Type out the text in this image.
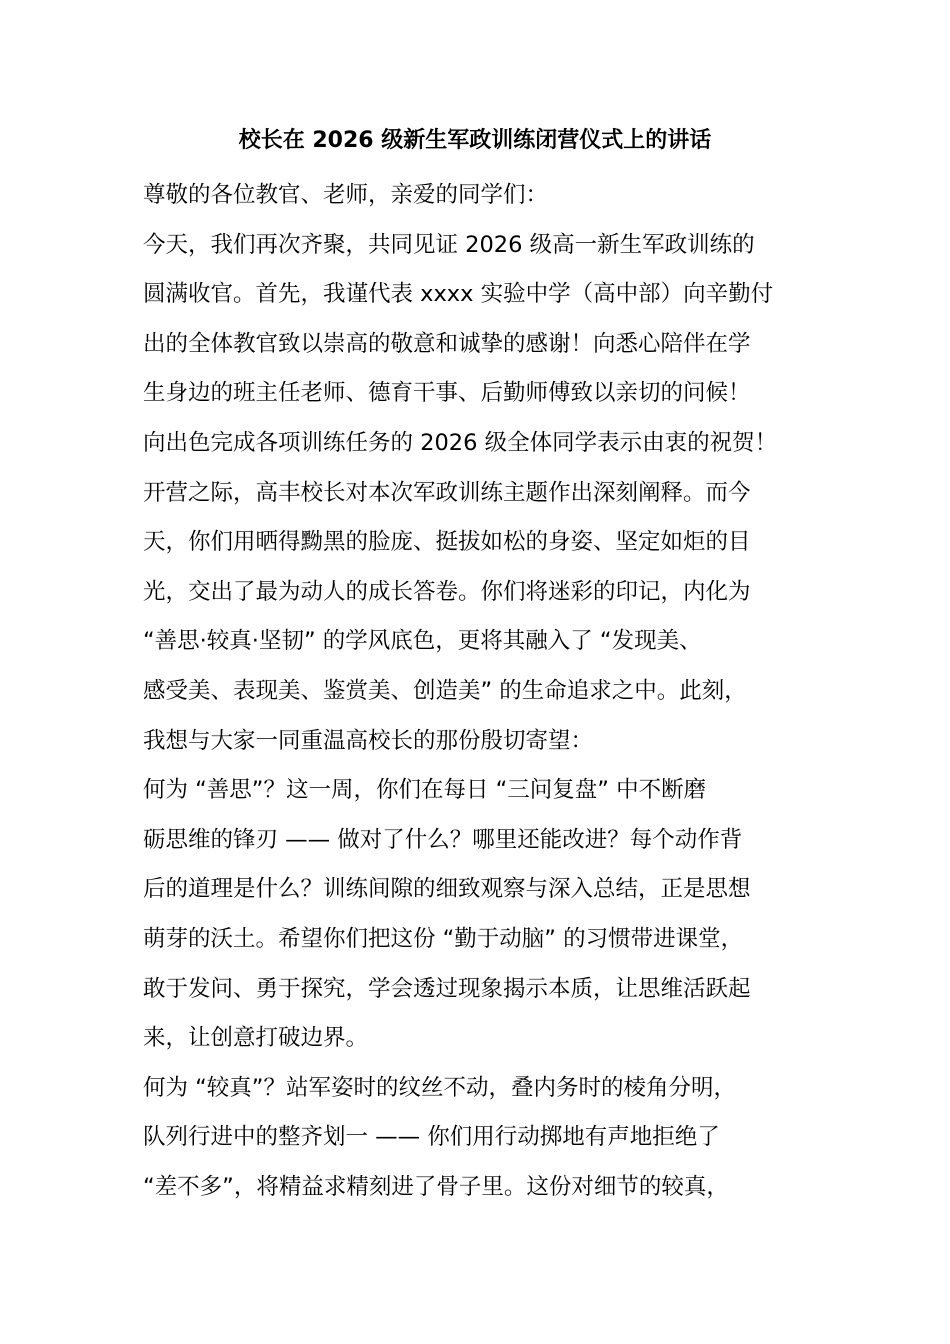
校长在 2026 级新生军政训练闭营仪式上的讲话
尊敬的各位教官、老师，亲爱的同学们：
今天，我们再次齐聚，共同见证 2026 级高一新生军政训练的
圆满收官。首先，我谨代表 xxxx 实验中学（高中部）向辛勤付
出的全体教官致以崇高的敬意和诚挚的感谢！向悉心陪伴在学
生身边的班主任老师、德育干事、后勤师傅致以亲切的问候！
向出色完成各项训练任务的 2026 级全体同学表示由衷的祝贺！
开营之际，高丰校长对本次军政训练主题作出深刻阐释。而今
天，你们用晒得黝黑的脸庞、挺拔如松的身姿、坚定如炬的目
光，交出了最为动人的成长答卷。你们将迷彩的印记，内化为
“善思·较真·坚韧” 的学风底色，更将其融入了 “发现美、
感受美、表现美、鉴赏美、创造美” 的生命追求之中。此刻，
我想与大家一同重温高校长的那份殷切寄望：
何为 “善思”？这一周，你们在每日 “三问复盘” 中不断磨
砺思维的锋刃 —— 做对了什么？哪里还能改进？每个动作背
后的道理是什么？训练间隙的细致观察与深入总结，正是思想
萌芽的沃土。希望你们把这份 “勤于动脑” 的习惯带进课堂，
敢于发问、勇于探究，学会透过现象揭示本质，让思维活跃起
来，让创意打破边界。
何为 “较真”？站军姿时的纹丝不动，叠内务时的棱角分明，
队列行进中的整齐划一 —— 你们用行动掷地有声地拒绝了
“差不多”，将精益求精刻进了骨子里。这份对细节的较真，
